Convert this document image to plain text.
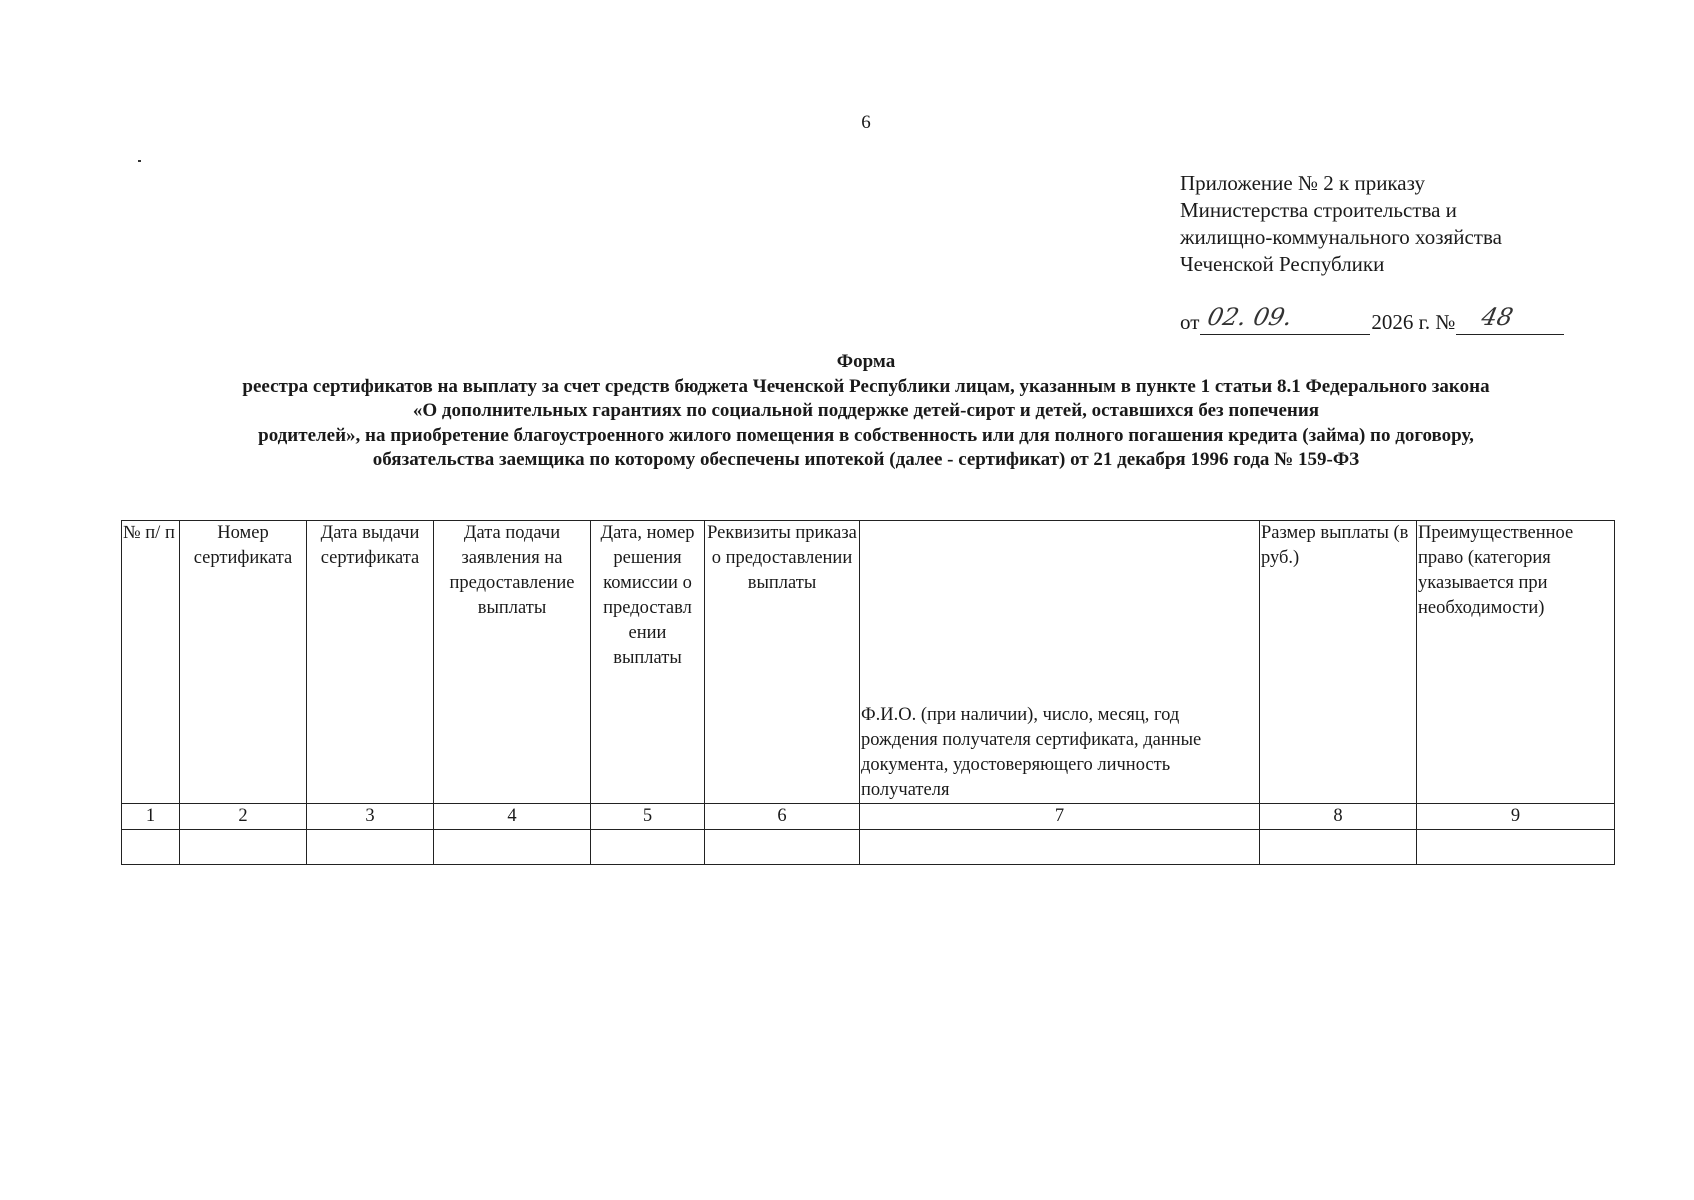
6
Приложение № 2 к приказу
Министерства строительства и
жилищно-коммунального хозяйства
Чеченской Республики
от 02. 09.	2026 г. № 48
Форма
реестра сертификатов на выплату за счет средств бюджета Чеченской Республики лицам, указанным в пункте 1 статьи 8.1 Федерального закона
«О дополнительных гарантиях по социальной поддержке детей-сирот и детей, оставшихся без попечения
родителей», на приобретение благоустроенного жилого помещения в собственность или для полного погашения кредита (займа) по договору,
обязательства заемщика по которому обеспечены ипотекой (далее - сертификат) от 21 декабря 1996 года № 159-ФЗ
№ п/ п	Номер сертификата	Дата выдачи сертификата	Дата подачи заявления на предоставление выплаты	Дата, номер решения комиссии о предоставл ении выплаты	Реквизиты приказа о предоставлении выплаты	Ф.И.О. (при наличии), число, месяц, год рождения получателя сертификата, данные документа, удостоверяющего личность получателя	Размер выплаты (в руб.)	Преимущественное право (категория указывается при необходимости)
1	2	3	4	5	6	7	8	9
